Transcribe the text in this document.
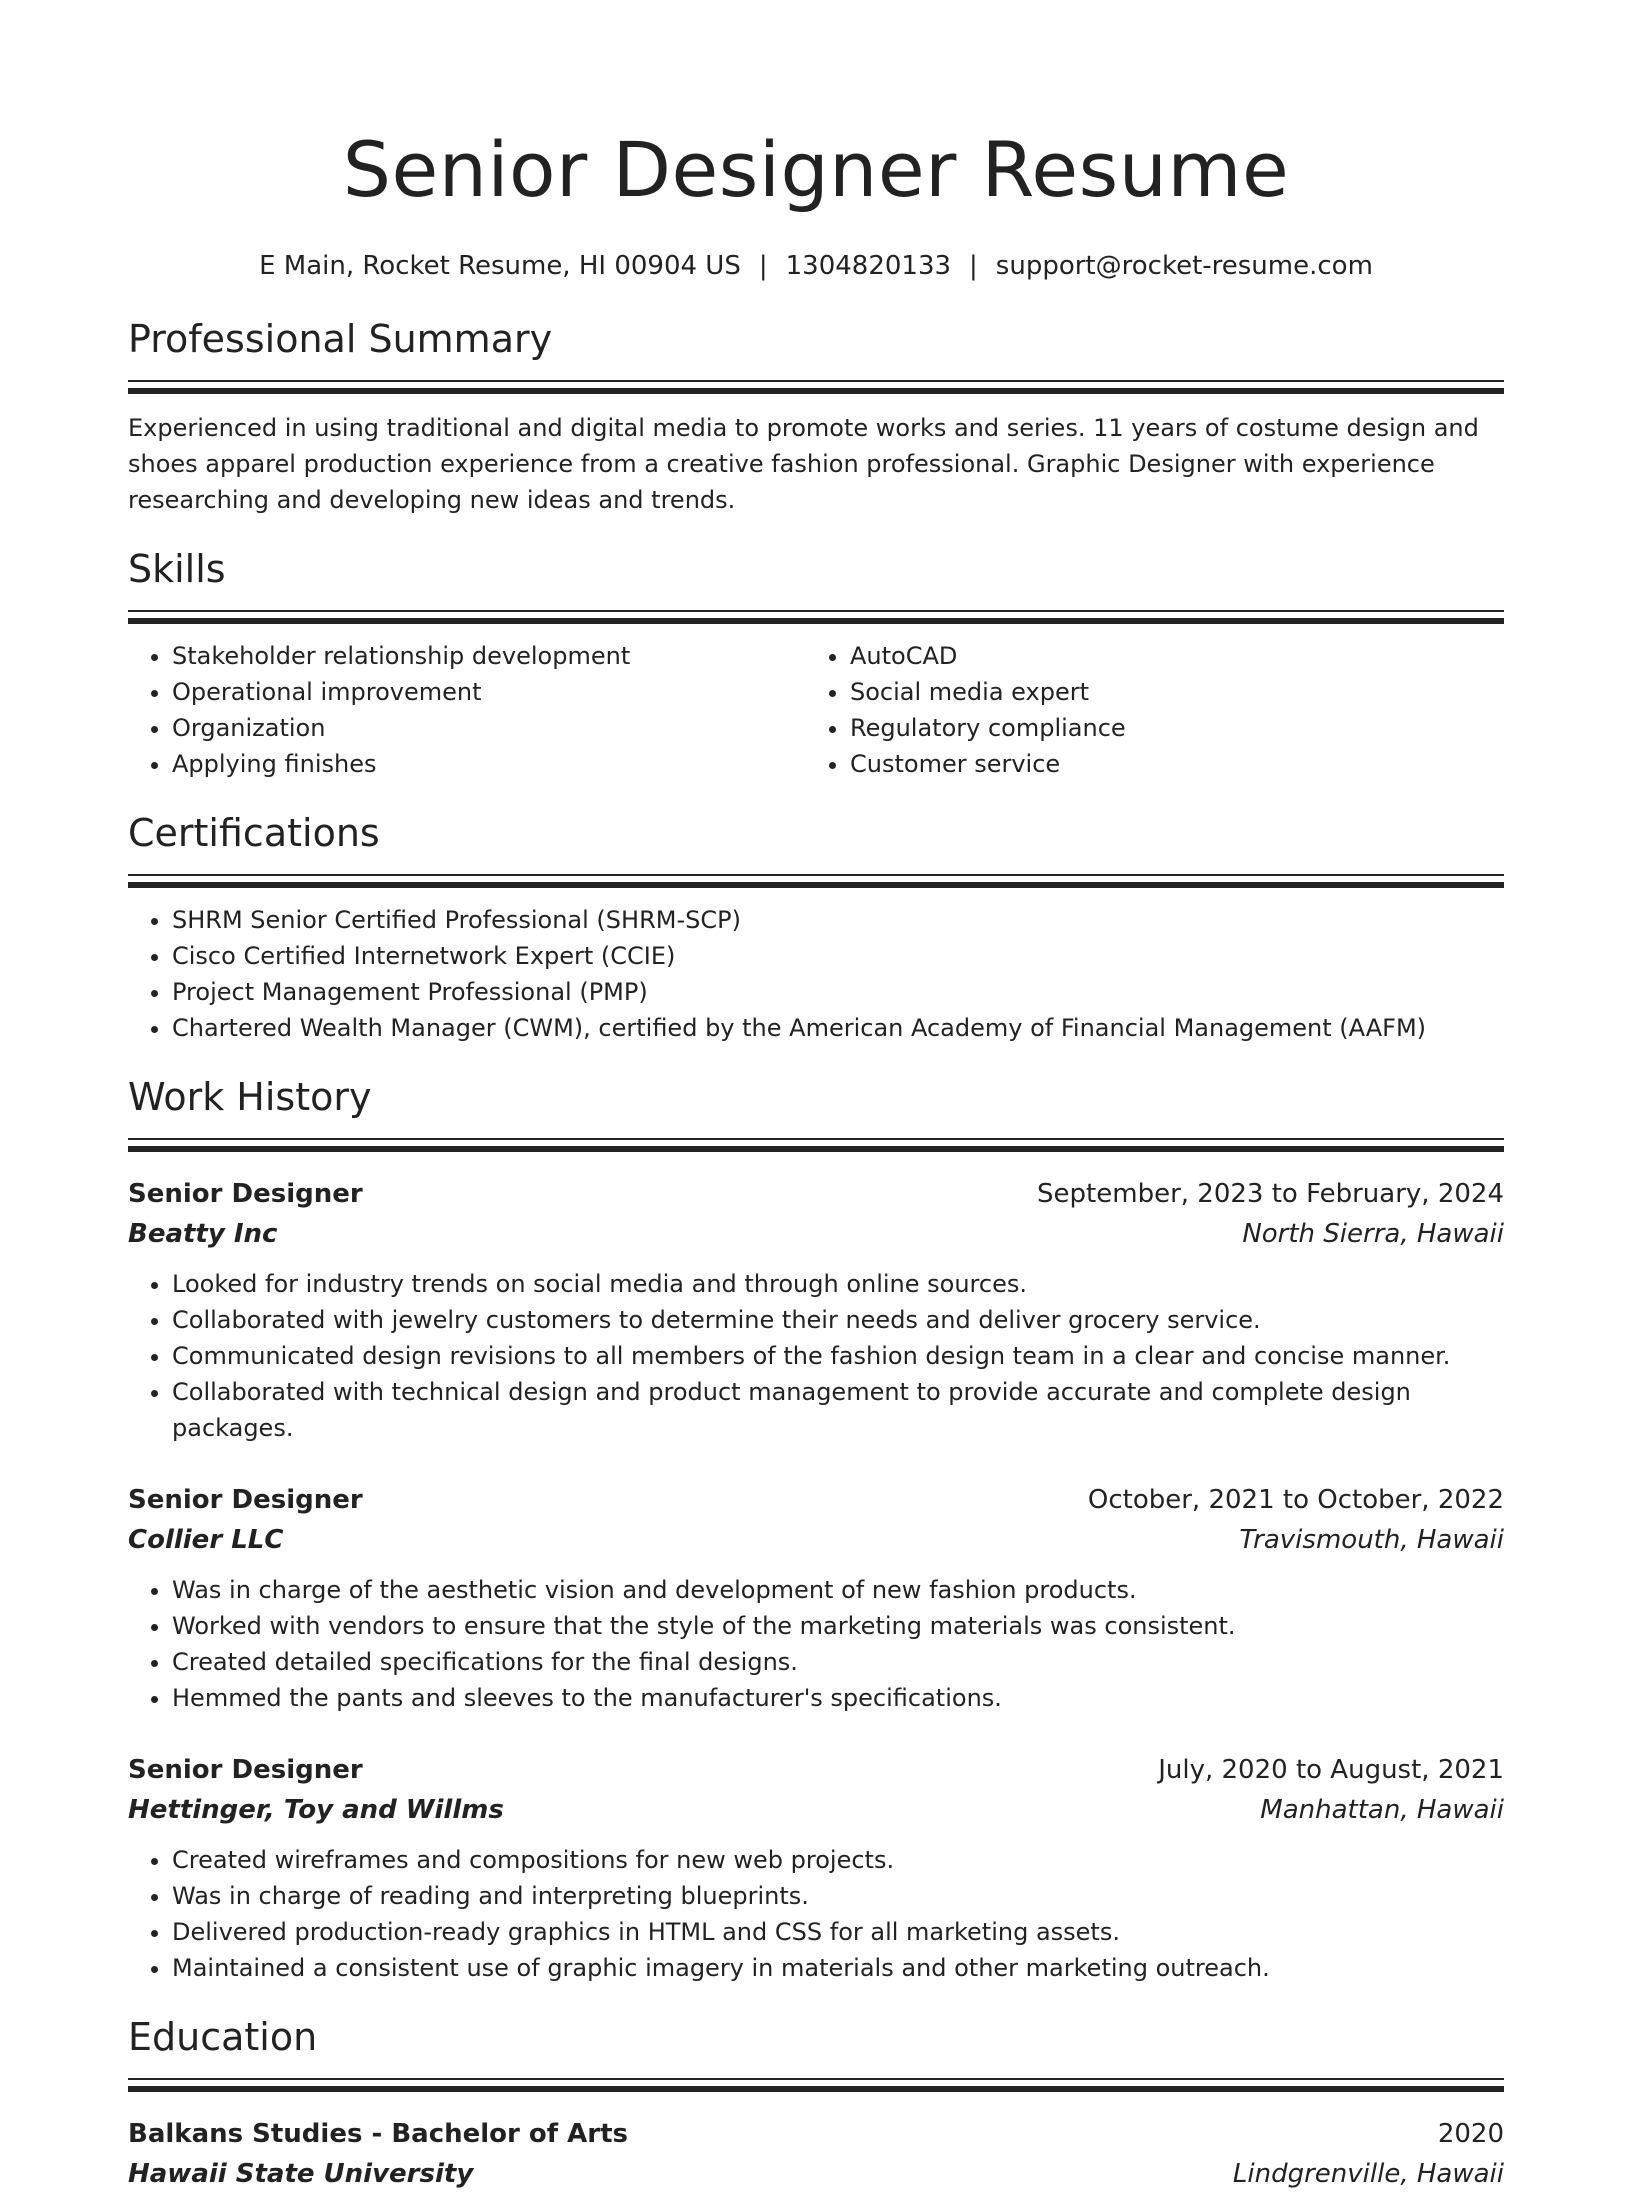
Senior Designer Resume
E Main, Rocket Resume, HI 00904 US | 1304820133 | support@rocket-resume.com
Professional Summary
Experienced in using traditional and digital media to promote works and series. 11 years of costume design and shoes apparel production experience from a creative fashion professional. Graphic Designer with experience researching and developing new ideas and trends.
Skills
• Stakeholder relationship development
• Operational improvement
• Organization
• Applying finishes
• AutoCAD
• Social media expert
• Regulatory compliance
• Customer service
Certifications
• SHRM Senior Certified Professional (SHRM-SCP)
• Cisco Certified Internetwork Expert (CCIE)
• Project Management Professional (PMP)
• Chartered Wealth Manager (CWM), certified by the American Academy of Financial Management (AAFM)
Work History
Senior Designer	September, 2023 to February, 2024
Beatty Inc	North Sierra, Hawaii
• Looked for industry trends on social media and through online sources.
• Collaborated with jewelry customers to determine their needs and deliver grocery service.
• Communicated design revisions to all members of the fashion design team in a clear and concise manner.
• Collaborated with technical design and product management to provide accurate and complete design packages.
Senior Designer	October, 2021 to October, 2022
Collier LLC	Travismouth, Hawaii
• Was in charge of the aesthetic vision and development of new fashion products.
• Worked with vendors to ensure that the style of the marketing materials was consistent.
• Created detailed specifications for the final designs.
• Hemmed the pants and sleeves to the manufacturer's specifications.
Senior Designer	July, 2020 to August, 2021
Hettinger, Toy and Willms	Manhattan, Hawaii
• Created wireframes and compositions for new web projects.
• Was in charge of reading and interpreting blueprints.
• Delivered production-ready graphics in HTML and CSS for all marketing assets.
• Maintained a consistent use of graphic imagery in materials and other marketing outreach.
Education
Balkans Studies - Bachelor of Arts	2020
Hawaii State University	Lindgrenville, Hawaii
